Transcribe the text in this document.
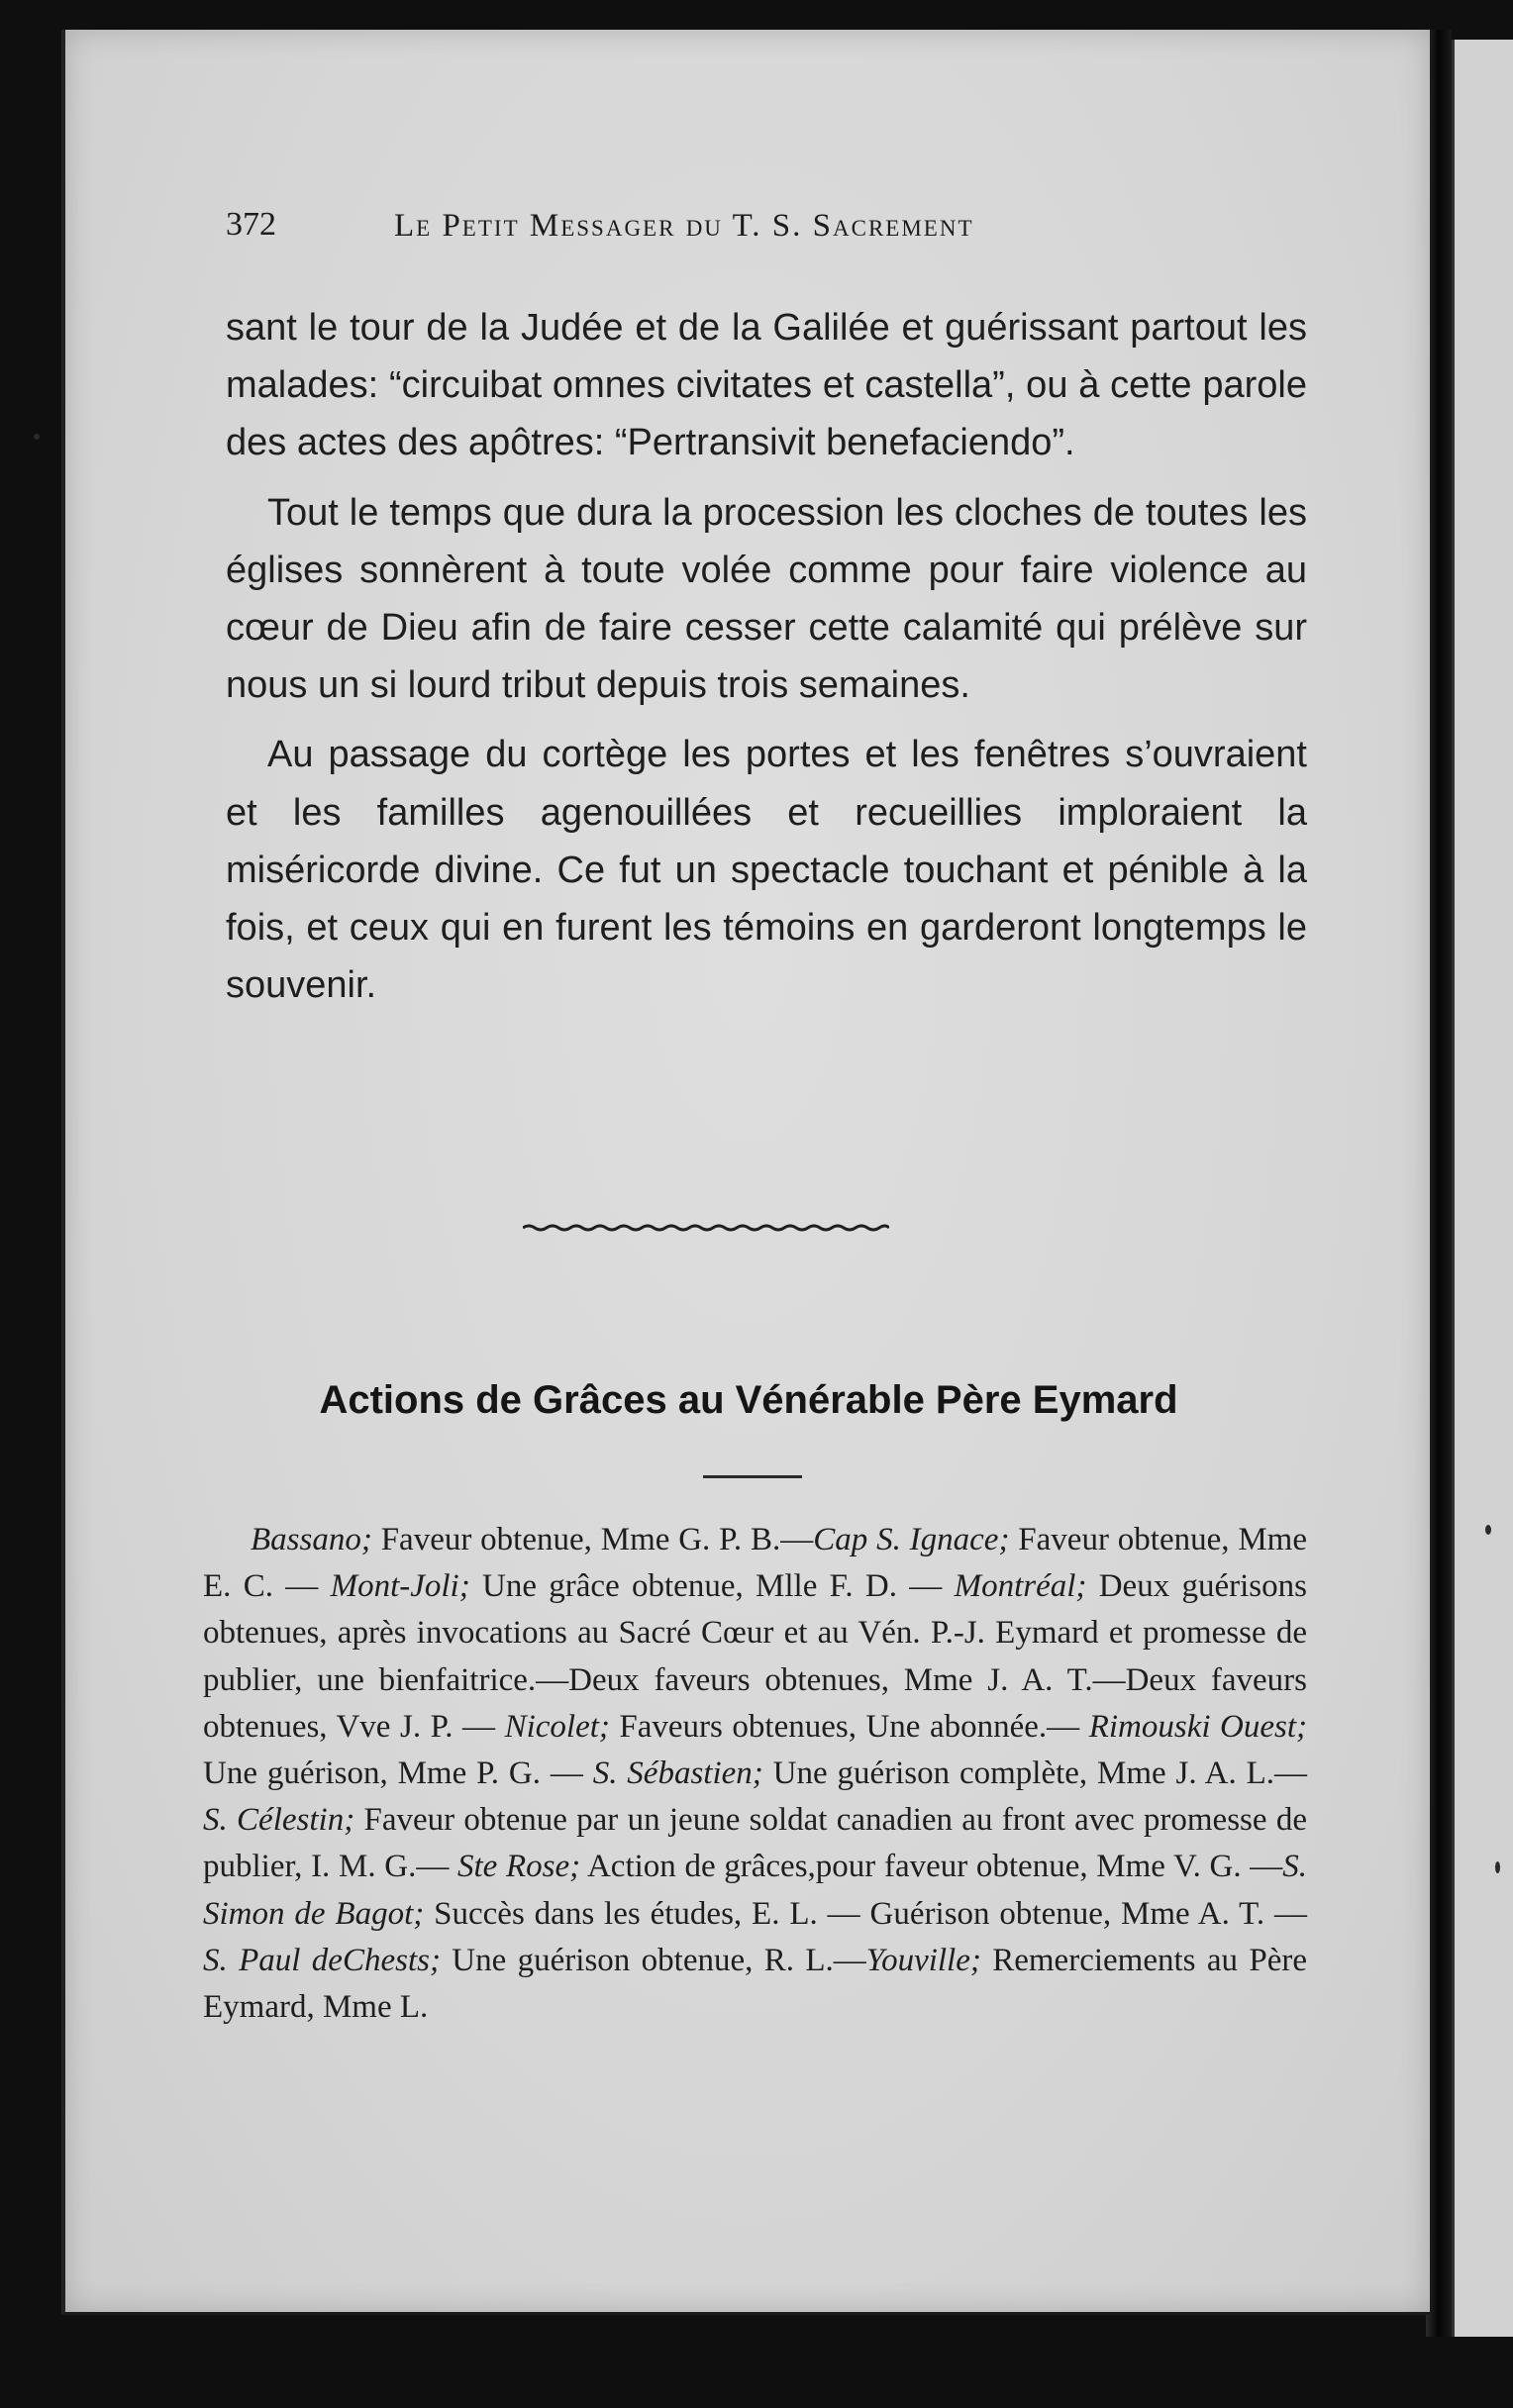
372	Le Petit Messager du T. S. Sacrement

sant le tour de la Judée et de la Galilée et guérissant partout les malades: “circuibat omnes civitates et castella”, ou à cette parole des actes des apôtres: “Pertransivit benefaciendo”.

Tout le temps que dura la procession les cloches de toutes les églises sonnèrent à toute volée comme pour faire violence au cœur de Dieu afin de faire cesser cette calamité qui prélève sur nous un si lourd tribut depuis trois semaines.

Au passage du cortège les portes et les fenêtres s’ouvraient et les familles agenouillées et recueillies imploraient la miséricorde divine. Ce fut un spectacle touchant et pénible à la fois, et ceux qui en furent les témoins en garderont longtemps le souvenir.

Actions de Grâces au Vénérable Père Eymard

Bassano; Faveur obtenue, Mme G. P. B.—Cap S. Ignace; Faveur obtenue, Mme E. C. — Mont-Joli; Une grâce obtenue, Mlle F. D. — Montréal; Deux guérisons obtenues, après invocations au Sacré Cœur et au Vén. P.-J. Eymard et promesse de publier, une bienfaitrice.—Deux faveurs obtenues, Mme J. A. T.—Deux faveurs obtenues, Vve J. P. — Nicolet; Faveurs obtenues, Une abonnée.— Rimouski Ouest; Une guérison, Mme P. G. — S. Sébastien; Une guérison complète, Mme J. A. L.—S. Célestin; Faveur obtenue par un jeune soldat canadien au front avec promesse de publier, I. M. G.— Ste Rose; Action de grâces,pour faveur obtenue, Mme V. G. —S. Simon de Bagot; Succès dans les études, E. L. — Guérison obtenue, Mme A. T. — S. Paul deChests; Une guérison obtenue, R. L.—Youville; Remerciements au Père Eymard, Mme L.
